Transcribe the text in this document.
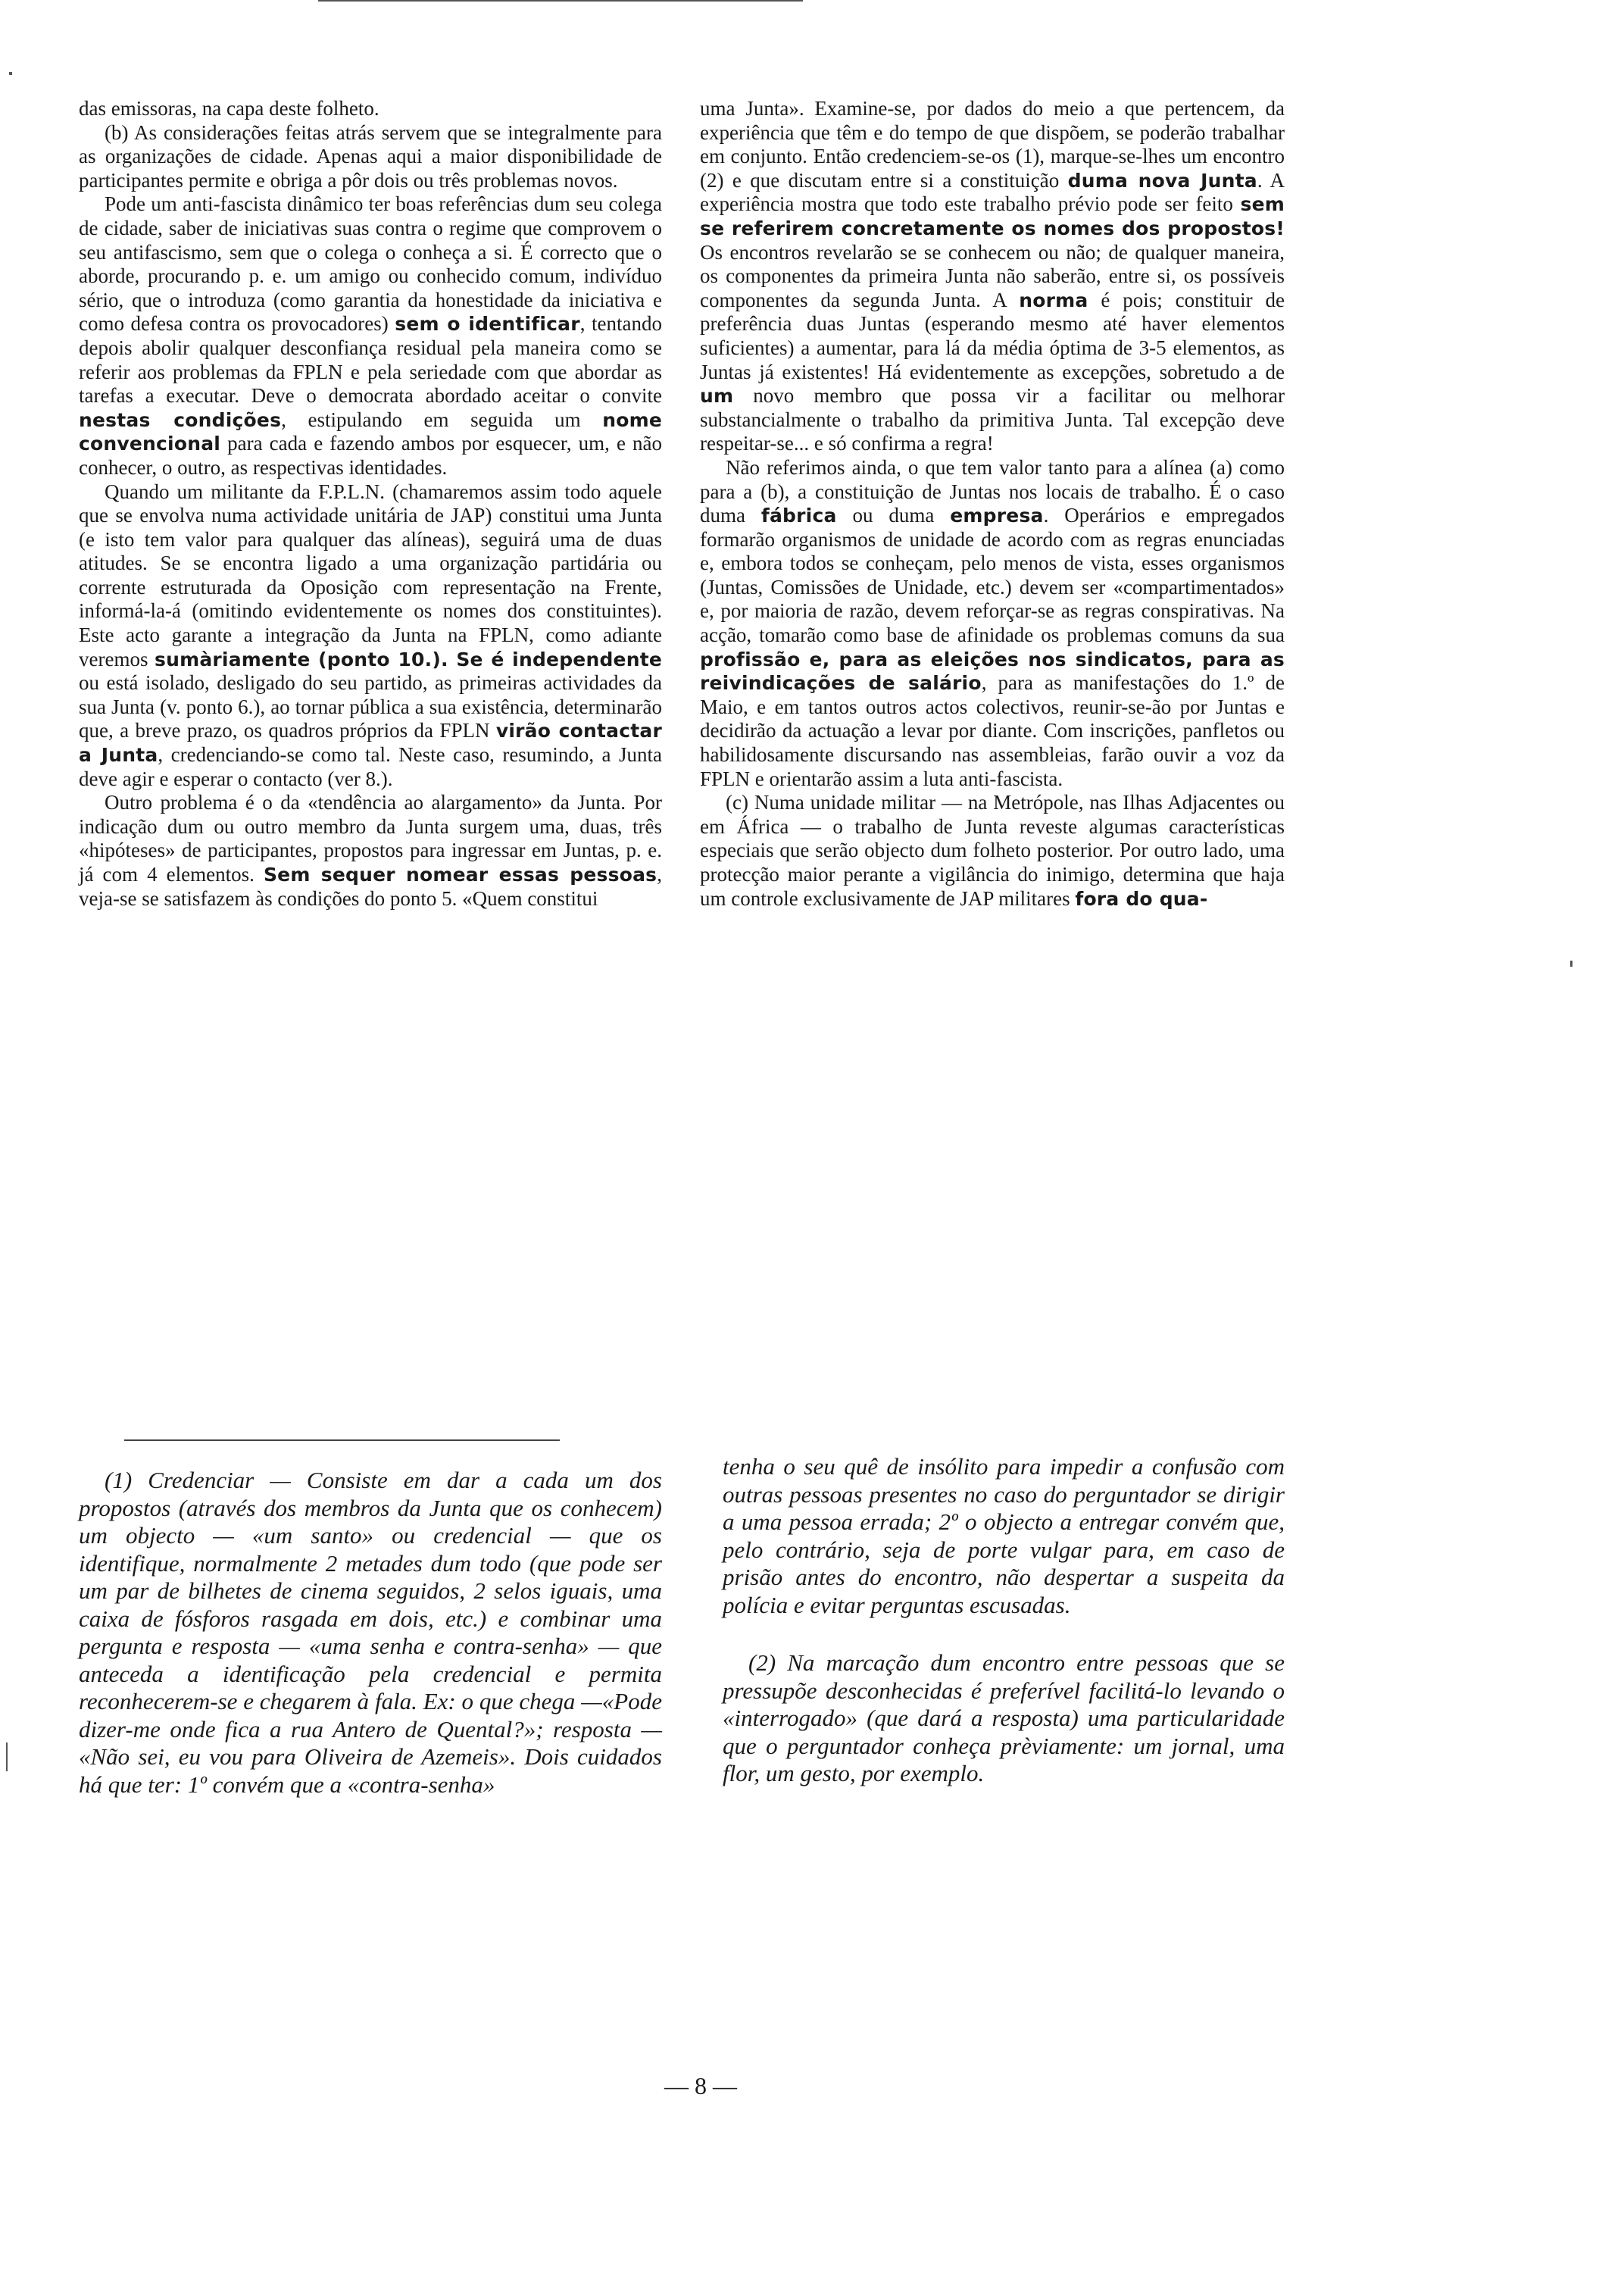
das emissoras, na capa deste folheto.

(b) As considerações feitas atrás servem que se integralmente para as organizações de cidade. Apenas aqui a maior disponibilidade de participantes permite e obriga a pôr dois ou três problemas novos.

Pode um anti-fascista dinâmico ter boas referências dum seu colega de cidade, saber de iniciativas suas contra o regime que comprovem o seu antifascismo, sem que o colega o conheça a si. É correcto que o aborde, procurando p. e. um amigo ou conhecido comum, indivíduo sério, que o introduza (como garantia da honestidade da iniciativa e como defesa contra os provocadores) sem o identificar, tentando depois abolir qualquer desconfiança residual pela maneira como se referir aos problemas da FPLN e pela seriedade com que abordar as tarefas a executar. Deve o democrata abordado aceitar o convite nestas condições, estipulando em seguida um nome convencional para cada e fazendo ambos por esquecer, um, e não conhecer, o outro, as respectivas identidades.

Quando um militante da F.P.L.N. (chamaremos assim todo aquele que se envolva numa actividade unitária de JAP) constitui uma Junta (e isto tem valor para qualquer das alíneas), seguirá uma de duas atitudes. Se se encontra ligado a uma organização partidária ou corrente estruturada da Oposição com representação na Frente, informá-la-á (omitindo evidentemente os nomes dos constituintes). Este acto garante a integração da Junta na FPLN, como adiante veremos sumàriamente (ponto 10.). Se é independente ou está isolado, desligado do seu partido, as primeiras actividades da sua Junta (v. ponto 6.), ao tornar pública a sua existência, determinarão que, a breve prazo, os quadros próprios da FPLN virão contactar a Junta, credenciando-se como tal. Neste caso, resumindo, a Junta deve agir e esperar o contacto (ver 8.).

Outro problema é o da «tendência ao alargamento» da Junta. Por indicação dum ou outro membro da Junta surgem uma, duas, três «hipóteses» de participantes, propostos para ingressar em Juntas, p. e. já com 4 elementos. Sem sequer nomear essas pessoas, veja-se se satisfazem às condições do ponto 5. «Quem constitui

uma Junta». Examine-se, por dados do meio a que pertencem, da experiência que têm e do tempo de que dispõem, se poderão trabalhar em conjunto. Então credenciem-se-os (1), marque-se-lhes um encontro (2) e que discutam entre si a constituição duma nova Junta. A experiência mostra que todo este trabalho prévio pode ser feito sem se referirem concretamente os nomes dos propostos! Os encontros revelarão se se conhecem ou não; de qualquer maneira, os componentes da primeira Junta não saberão, entre si, os possíveis componentes da segunda Junta. A norma é pois; constituir de preferência duas Juntas (esperando mesmo até haver elementos suficientes) a aumentar, para lá da média óptima de 3-5 elementos, as Juntas já existentes! Há evidentemente as excepções, sobretudo a de um novo membro que possa vir a facilitar ou melhorar substancialmente o trabalho da primitiva Junta. Tal excepção deve respeitar-se... e só confirma a regra!

Não referimos ainda, o que tem valor tanto para a alínea (a) como para a (b), a constituição de Juntas nos locais de trabalho. É o caso duma fábrica ou duma empresa. Operários e empregados formarão organismos de unidade de acordo com as regras enunciadas e, embora todos se conheçam, pelo menos de vista, esses organismos (Juntas, Comissões de Unidade, etc.) devem ser «compartimentados» e, por maioria de razão, devem reforçar-se as regras conspirativas. Na acção, tomarão como base de afinidade os problemas comuns da sua profissão e, para as eleições nos sindicatos, para as reivindicações de salário, para as manifestações do 1.º de Maio, e em tantos outros actos colectivos, reunir-se-ão por Juntas e decidirão da actuação a levar por diante. Com inscrições, panfletos ou habilidosamente discursando nas assembleias, farão ouvir a voz da FPLN e orientarão assim a luta anti-fascista.

(c) Numa unidade militar — na Metrópole, nas Ilhas Adjacentes ou em África — o trabalho de Junta reveste algumas características especiais que serão objecto dum folheto posterior. Por outro lado, uma protecção maior perante a vigilância do inimigo, determina que haja um controle exclusivamente de JAP militares fora do qua-

(1) Credenciar — Consiste em dar a cada um dos propostos (através dos membros da Junta que os conhecem) um objecto — «um santo» ou credencial — que os identifique, normalmente 2 metades dum todo (que pode ser um par de bilhetes de cinema seguidos, 2 selos iguais, uma caixa de fósforos rasgada em dois, etc.) e combinar uma pergunta e resposta — «uma senha e contra-senha» — que anteceda a identificação pela credencial e permita reconhecerem-se e chegarem à fala. Ex: o que chega —«Pode dizer-me onde fica a rua Antero de Quental?»; resposta — «Não sei, eu vou para Oliveira de Azemeis». Dois cuidados há que ter: 1º convém que a «contra-senha»

tenha o seu quê de insólito para impedir a confusão com outras pessoas presentes no caso do perguntador se dirigir a uma pessoa errada; 2º o objecto a entregar convém que, pelo contrário, seja de porte vulgar para, em caso de prisão antes do encontro, não despertar a suspeita da polícia e evitar perguntas escusadas.

(2) Na marcação dum encontro entre pessoas que se pressupõe desconhecidas é preferível facilitá-lo levando o «interrogado» (que dará a resposta) uma particularidade que o perguntador conheça prèviamente: um jornal, uma flor, um gesto, por exemplo.

— 8 —
